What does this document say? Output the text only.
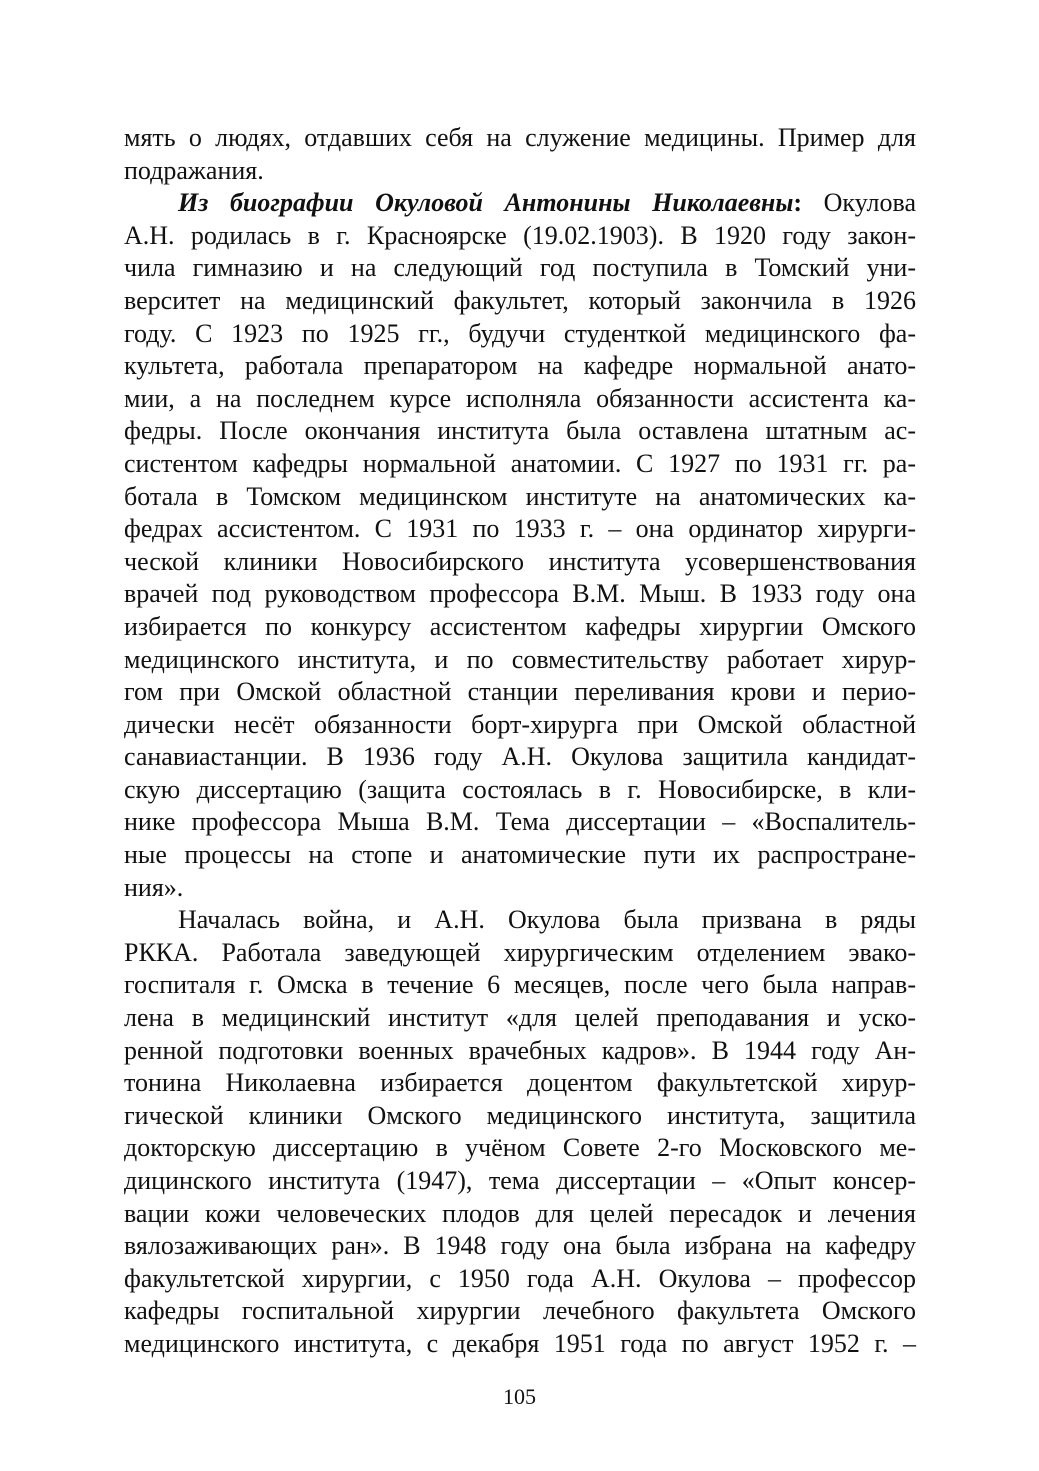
мять о людях, отдавших себя на служение медицины. Пример для
подражания.
Из биографии Окуловой Антонины Николаевны: Окулова
А.Н. родилась в г. Красноярске (19.02.1903). В 1920 году закон-
чила гимназию и на следующий год поступила в Томский уни-
верситет на медицинский факультет, который закончила в 1926
году. С 1923 по 1925 гг., будучи студенткой медицинского фа-
культета, работала препаратором на кафедре нормальной анато-
мии, а на последнем курсе исполняла обязанности ассистента ка-
федры. После окончания института была оставлена штатным ас-
систентом кафедры нормальной анатомии. С 1927 по 1931 гг. ра-
ботала в Томском медицинском институте на анатомических ка-
федрах ассистентом. С 1931 по 1933 г. – она ординатор хирурги-
ческой клиники Новосибирского института усовершенствования
врачей под руководством профессора В.М. Мыш. В 1933 году она
избирается по конкурсу ассистентом кафедры хирургии Омского
медицинского института, и по совместительству работает хирур-
гом при Омской областной станции переливания крови и перио-
дически несёт обязанности борт-хирурга при Омской областной
санавиастанции. В 1936 году А.Н. Окулова защитила кандидат-
скую диссертацию (защита состоялась в г. Новосибирске, в кли-
нике профессора Мыша В.М. Тема диссертации – «Воспалитель-
ные процессы на стопе и анатомические пути их распростране-
ния».
Началась война, и А.Н. Окулова была призвана в ряды
РККА. Работала заведующей хирургическим отделением эвако-
госпиталя г. Омска в течение 6 месяцев, после чего была направ-
лена в медицинский институт «для целей преподавания и уско-
ренной подготовки военных врачебных кадров». В 1944 году Ан-
тонина Николаевна избирается доцентом факультетской хирур-
гической клиники Омского медицинского института, защитила
докторскую диссертацию в учёном Совете 2-го Московского ме-
дицинского института (1947), тема диссертации – «Опыт консер-
вации кожи человеческих плодов для целей пересадок и лечения
вялозаживающих ран». В 1948 году она была избрана на кафедру
факультетской хирургии, с 1950 года А.Н. Окулова – профессор
кафедры госпитальной хирургии лечебного факультета Омского
медицинского института, с декабря 1951 года по август 1952 г. –
105
